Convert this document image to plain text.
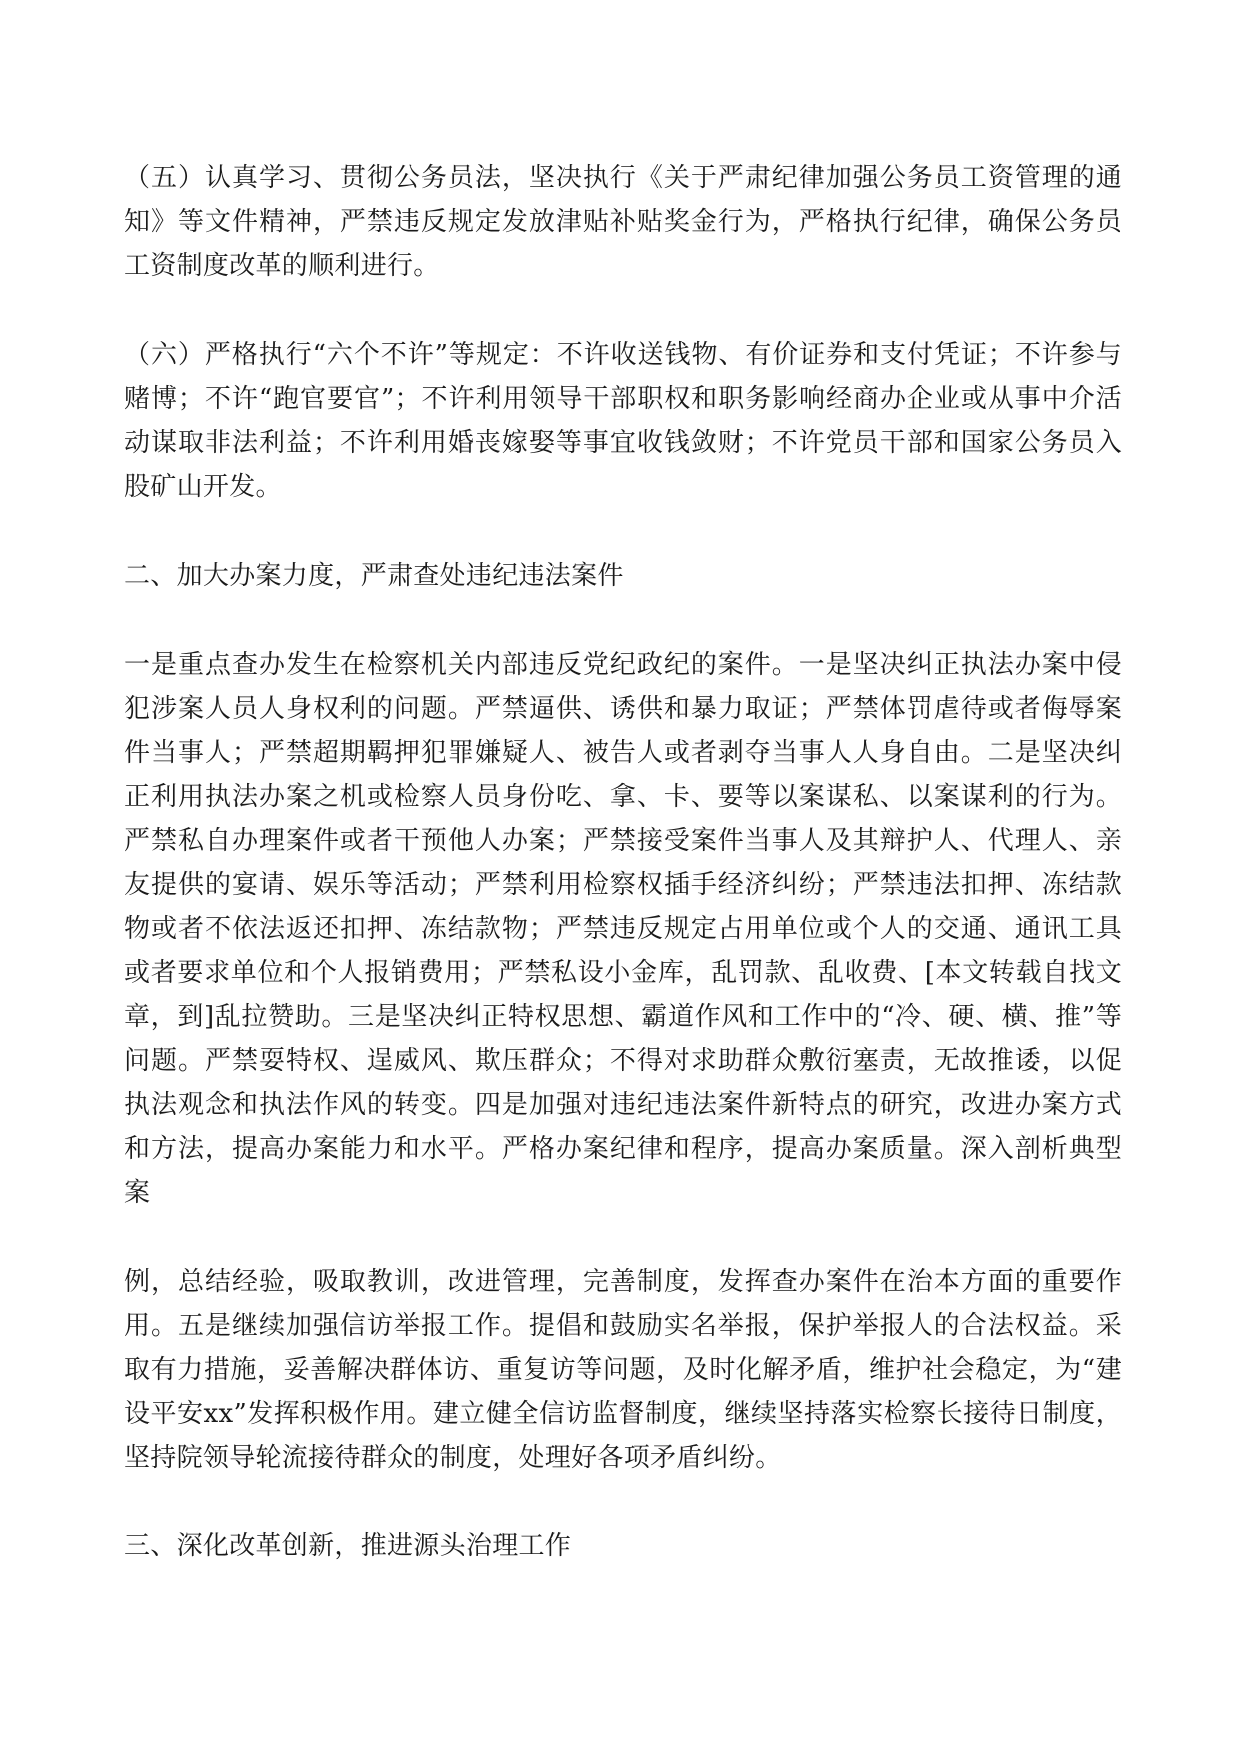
（五）认真学习、贯彻公务员法，坚决执行《关于严肃纪律加强公务员工资管理的通知》等文件精神，严禁违反规定发放津贴补贴奖金行为，严格执行纪律，确保公务员工资制度改革的顺利进行。

（六）严格执行“六个不许”等规定：不许收送钱物、有价证券和支付凭证；不许参与赌博；不许“跑官要官”；不许利用领导干部职权和职务影响经商办企业或从事中介活动谋取非法利益；不许利用婚丧嫁娶等事宜收钱敛财；不许党员干部和国家公务员入股矿山开发。

二、加大办案力度，严肃查处违纪违法案件

一是重点查办发生在检察机关内部违反党纪政纪的案件。一是坚决纠正执法办案中侵犯涉案人员人身权利的问题。严禁逼供、诱供和暴力取证；严禁体罚虐待或者侮辱案件当事人；严禁超期羁押犯罪嫌疑人、被告人或者剥夺当事人人身自由。二是坚决纠正利用执法办案之机或检察人员身份吃、拿、卡、要等以案谋私、以案谋利的行为。严禁私自办理案件或者干预他人办案；严禁接受案件当事人及其辩护人、代理人、亲友提供的宴请、娱乐等活动；严禁利用检察权插手经济纠纷；严禁违法扣押、冻结款物或者不依法返还扣押、冻结款物；严禁违反规定占用单位或个人的交通、通讯工具或者要求单位和个人报销费用；严禁私设小金库，乱罚款、乱收费、[本文转载自找文章，到]乱拉赞助。三是坚决纠正特权思想、霸道作风和工作中的“冷、硬、横、推”等问题。严禁耍特权、逞威风、欺压群众；不得对求助群众敷衍塞责，无故推诿，以促执法观念和执法作风的转变。四是加强对违纪违法案件新特点的研究，改进办案方式和方法，提高办案能力和水平。严格办案纪律和程序，提高办案质量。深入剖析典型案

例，总结经验，吸取教训，改进管理，完善制度，发挥查办案件在治本方面的重要作用。五是继续加强信访举报工作。提倡和鼓励实名举报，保护举报人的合法权益。采取有力措施，妥善解决群体访、重复访等问题，及时化解矛盾，维护社会稳定，为“建设平安xx”发挥积极作用。建立健全信访监督制度，继续坚持落实检察长接待日制度，坚持院领导轮流接待群众的制度，处理好各项矛盾纠纷。

三、深化改革创新，推进源头治理工作
